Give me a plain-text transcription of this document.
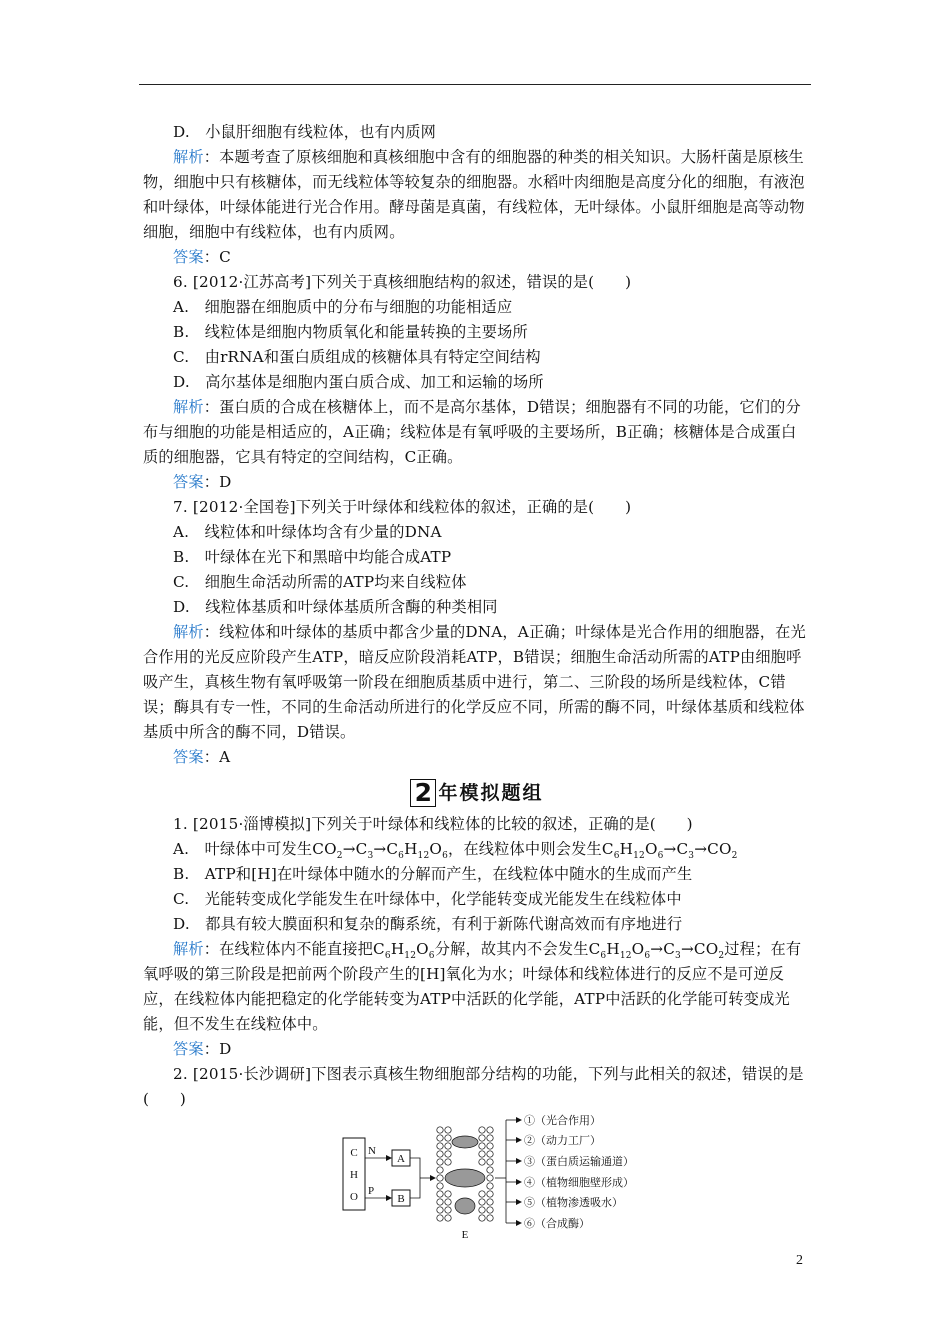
D.　小鼠肝细胞有线粒体，也有内质网

解析：本题考查了原核细胞和真核细胞中含有的细胞器的种类的相关知识。大肠杆菌是原核生物，细胞中只有核糖体，而无线粒体等较复杂的细胞器。水稻叶肉细胞是高度分化的细胞，有液泡和叶绿体，叶绿体能进行光合作用。酵母菌是真菌，有线粒体，无叶绿体。小鼠肝细胞是高等动物细胞，细胞中有线粒体，也有内质网。

答案：C

6. [2012·江苏高考]下列关于真核细胞结构的叙述，错误的是(　　)

A.　细胞器在细胞质中的分布与细胞的功能相适应

B.　线粒体是细胞内物质氧化和能量转换的主要场所

C.　由rRNA和蛋白质组成的核糖体具有特定空间结构

D.　高尔基体是细胞内蛋白质合成、加工和运输的场所

解析：蛋白质的合成在核糖体上，而不是高尔基体，D错误；细胞器有不同的功能，它们的分布与细胞的功能是相适应的，A正确；线粒体是有氧呼吸的主要场所，B正确；核糖体是合成蛋白质的细胞器，它具有特定的空间结构，C正确。

答案：D

7. [2012·全国卷]下列关于叶绿体和线粒体的叙述，正确的是(　　)

A.　线粒体和叶绿体均含有少量的DNA

B.　叶绿体在光下和黑暗中均能合成ATP

C.　细胞生命活动所需的ATP均来自线粒体

D.　线粒体基质和叶绿体基质所含酶的种类相同

解析：线粒体和叶绿体的基质中都含少量的DNA，A正确；叶绿体是光合作用的细胞器，在光合作用的光反应阶段产生ATP，暗反应阶段消耗ATP，B错误；细胞生命活动所需的ATP由细胞呼吸产生，真核生物有氧呼吸第一阶段在细胞质基质中进行，第二、三阶段的场所是线粒体，C错误；酶具有专一性，不同的生命活动所进行的化学反应不同，所需的酶不同，叶绿体基质和线粒体基质中所含的酶不同，D错误。

答案：A

2 年模拟题组

1. [2015·淄博模拟]下列关于叶绿体和线粒体的比较的叙述，正确的是(　　)

A.　叶绿体中可发生$CO_2\to C_3\to C_6H_{12}O_6$，在线粒体中则会发生$C_6H_{12}O_6\to C_3\to CO_2$

B.　ATP和[H]在叶绿体中随水的分解而产生，在线粒体中随水的生成而产生

C.　光能转变成化学能发生在叶绿体中，化学能转变成光能发生在线粒体中

D.　都具有较大膜面积和复杂的酶系统，有利于新陈代谢高效而有序地进行

解析：在线粒体内不能直接把$C_6H_{12}O_6$分解，故其内不会发生$C_6H_{12}O_6\to C_3\to CO_2$过程；在有氧呼吸的第三阶段是把前两个阶段产生的[H]氧化为水；叶绿体和线粒体进行的反应不是可逆反应，在线粒体内能把稳定的化学能转变为ATP中活跃的化学能，ATP中活跃的化学能可转变成光能，但不发生在线粒体中。

答案：D

2. [2015·长沙调研]下图表示真核生物细胞部分结构的功能，下列与此相关的叙述，错误的是(　　)

C
H
O
N
A
P
B
E
①（光合作用）
②（动力工厂）
③（蛋白质运输通道）
④（植物细胞壁形成）
⑤（植物渗透吸水）
⑥（合成酶）
2
